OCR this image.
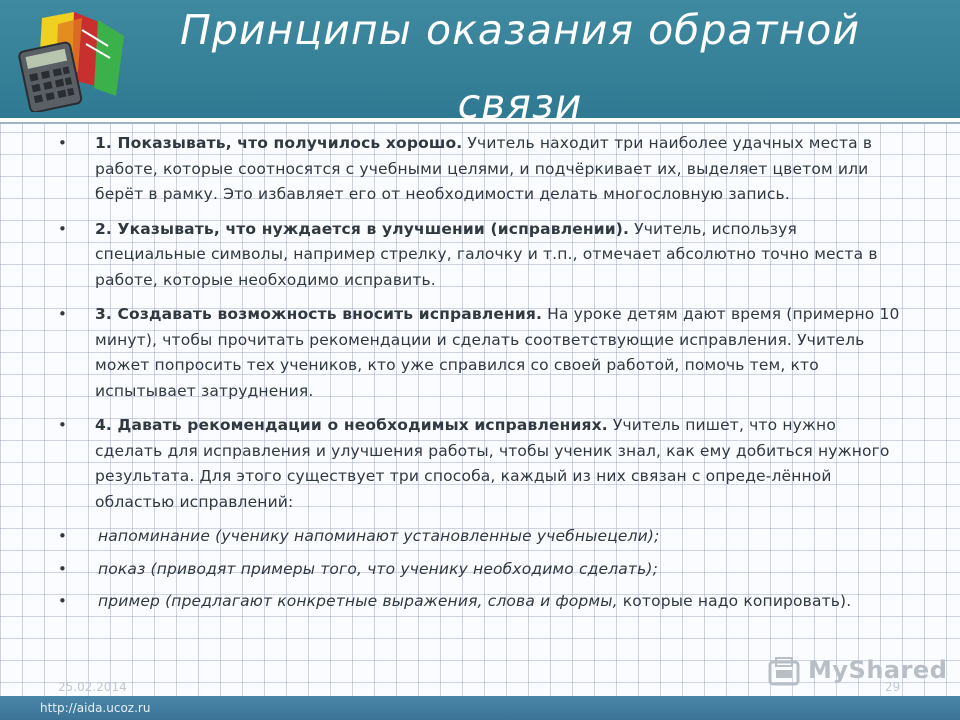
Принципы оказания обратной
связи
• 1. Показывать, что получилось хорошо. Учитель находит три наиболее удачных места в работе, которые соотносятся с учебными целями, и подчёркивает их, выделяет цветом или берёт в рамку. Это избавляет его от необходимости делать многословную запись.
• 2. Указывать, что нуждается в улучшении (исправлении). Учитель, используя специальные символы, например стрелку, галочку и т.п., отмечает абсолютно точно места в работе, которые необходимо исправить.
• 3. Создавать возможность вносить исправления. На уроке детям дают время (примерно 10 минут), чтобы прочитать рекомендации и сделать соответствующие исправления. Учитель может попросить тех учеников, кто уже справился со своей работой, помочь тем, кто испытывает затруднения.
• 4. Давать рекомендации о необходимых исправлениях. Учитель пишет, что нужно сделать для исправления и улучшения работы, чтобы ученик знал, как ему добиться нужного результата. Для этого существует три способа, каждый из них связан с опреде-лённой областью исправлений:
• напоминание (ученику напоминают установленные учебныецели);
• показ (приводят примеры того, что ученику необходимо сделать);
• пример (предлагают конкретные выражения, слова и формы, которые надо копировать).
MyShared
25.02.2014	29
http://aida.ucoz.ru
